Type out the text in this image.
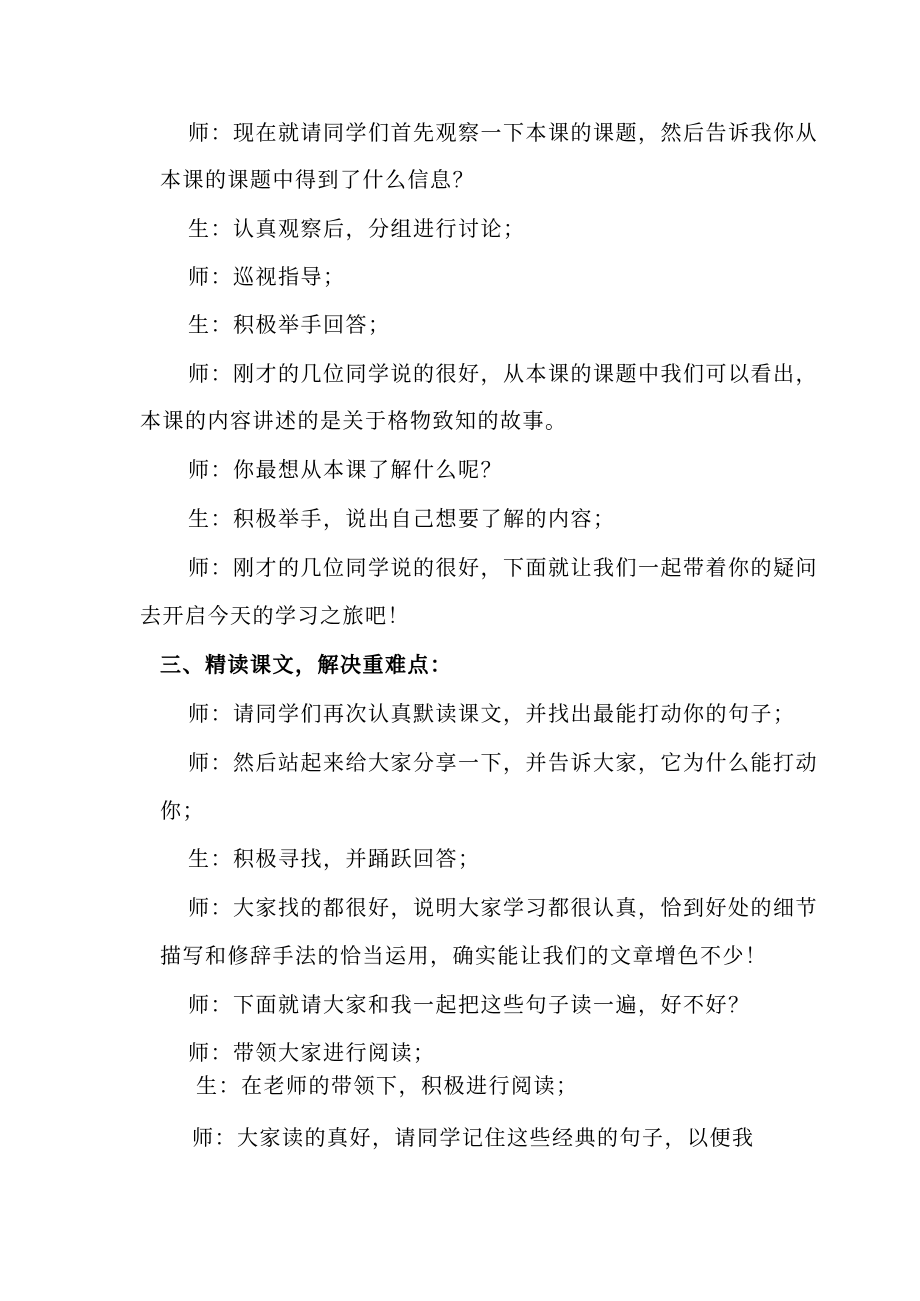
师：现在就请同学们首先观察一下本课的课题，然后告诉我你从
本课的课题中得到了什么信息？
生：认真观察后，分组进行讨论；
师：巡视指导；
生：积极举手回答；
师：刚才的几位同学说的很好，从本课的课题中我们可以看出，
本课的内容讲述的是关于格物致知的故事。
师：你最想从本课了解什么呢？
生：积极举手，说出自己想要了解的内容；
师：刚才的几位同学说的很好，下面就让我们一起带着你的疑问
去开启今天的学习之旅吧！
三、精读课文，解决重难点：
师：请同学们再次认真默读课文，并找出最能打动你的句子；
师：然后站起来给大家分享一下，并告诉大家，它为什么能打动
你；
生：积极寻找，并踊跃回答；
师：大家找的都很好，说明大家学习都很认真，恰到好处的细节
描写和修辞手法的恰当运用，确实能让我们的文章增色不少！
师：下面就请大家和我一起把这些句子读一遍，好不好？
师：带领大家进行阅读；
生：在老师的带领下，积极进行阅读；
师：大家读的真好，请同学记住这些经典的句子，以便我
